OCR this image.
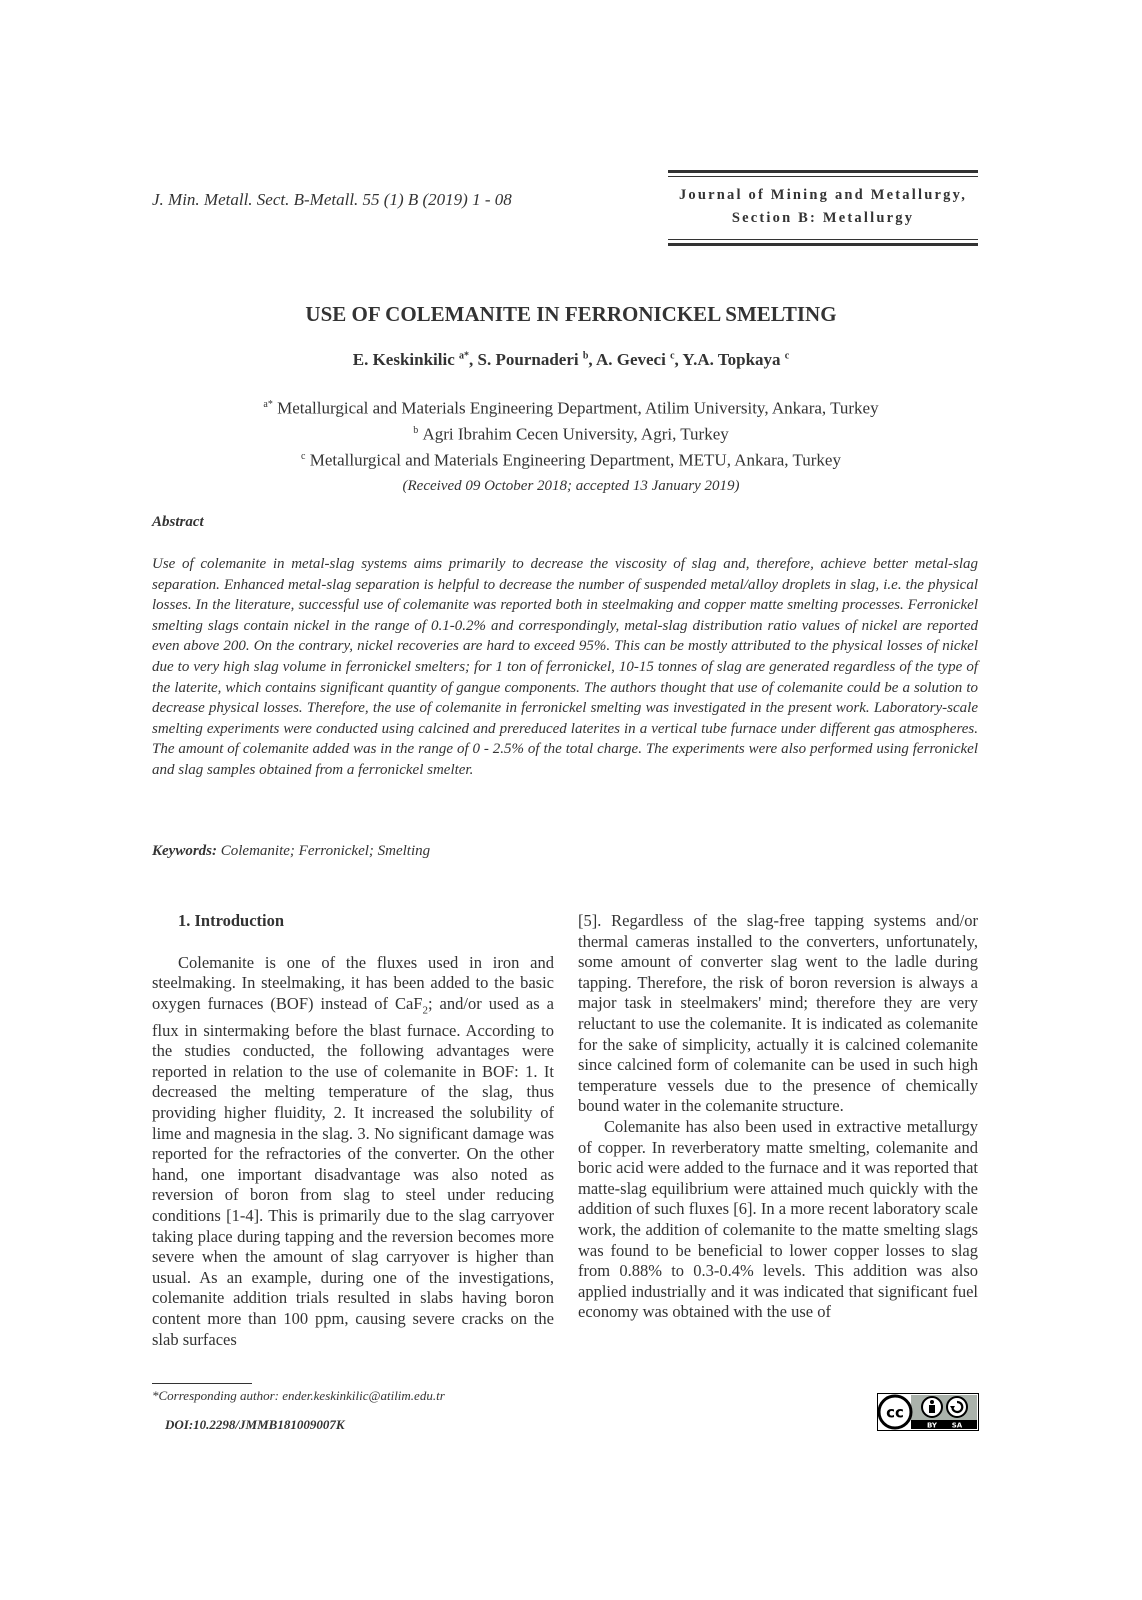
J. Min. Metall. Sect. B-Metall. 55 (1) B (2019) 1 - 08	Journal of Mining and Metallurgy,
Section B: Metallurgy
USE OF COLEMANITE IN FERRONICKEL SMELTING
E. Keskinkilic $^{a*}$, S. Pournaderi $^b$, A. Geveci $^c$, Y.A. Topkaya $^c$
$^{a*}$ Metallurgical and Materials Engineering Department, Atilim University, Ankara, Turkey
$^b$ Agri Ibrahim Cecen University, Agri, Turkey
$^c$ Metallurgical and Materials Engineering Department, METU, Ankara, Turkey
(Received 09 October 2018; accepted 13 January 2019)
Abstract
Use of colemanite in metal-slag systems aims primarily to decrease the viscosity of slag and, therefore, achieve better metal-slag separation. Enhanced metal-slag separation is helpful to decrease the number of suspended metal/alloy droplets in slag, i.e. the physical losses. In the literature, successful use of colemanite was reported both in steelmaking and copper matte smelting processes. Ferronickel smelting slags contain nickel in the range of 0.1-0.2% and correspondingly, metal-slag distribution ratio values of nickel are reported even above 200. On the contrary, nickel recoveries are hard to exceed 95%. This can be mostly attributed to the physical losses of nickel due to very high slag volume in ferronickel smelters; for 1 ton of ferronickel, 10-15 tonnes of slag are generated regardless of the type of the laterite, which contains significant quantity of gangue components. The authors thought that use of colemanite could be a solution to decrease physical losses. Therefore, the use of colemanite in ferronickel smelting was investigated in the present work. Laboratory-scale smelting experiments were conducted using calcined and prereduced laterites in a vertical tube furnace under different gas atmospheres. The amount of colemanite added was in the range of 0 - 2.5% of the total charge. The experiments were also performed using ferronickel and slag samples obtained from a ferronickel smelter.
Keywords: Colemanite; Ferronickel; Smelting
1. Introduction

Colemanite is one of the fluxes used in iron and steelmaking. In steelmaking, it has been added to the basic oxygen furnaces (BOF) instead of CaF$_2$; and/or used as a flux in sintermaking before the blast furnace. According to the studies conducted, the following advantages were reported in relation to the use of colemanite in BOF: 1. It decreased the melting temperature of the slag, thus providing higher fluidity, 2. It increased the solubility of lime and magnesia in the slag. 3. No significant damage was reported for the refractories of the converter. On the other hand, one important disadvantage was also noted as reversion of boron from slag to steel under reducing conditions [1-4]. This is primarily due to the slag carryover taking place during tapping and the reversion becomes more severe when the amount of slag carryover is higher than usual. As an example, during one of the investigations, colemanite addition trials resulted in slabs having boron content more than 100 ppm, causing severe cracks on the slab surfaces

[5]. Regardless of the slag-free tapping systems and/or thermal cameras installed to the converters, unfortunately, some amount of converter slag went to the ladle during tapping. Therefore, the risk of boron reversion is always a major task in steelmakers' mind; therefore they are very reluctant to use the colemanite. It is indicated as colemanite for the sake of simplicity, actually it is calcined colemanite since calcined form of colemanite can be used in such high temperature vessels due to the presence of chemically bound water in the colemanite structure.

Colemanite has also been used in extractive metallurgy of copper. In reverberatory matte smelting, colemanite and boric acid were added to the furnace and it was reported that matte-slag equilibrium were attained much quickly with the addition of such fluxes [6]. In a more recent laboratory scale work, the addition of colemanite to the matte smelting slags was found to be beneficial to lower copper losses to slag from 0.88% to 0.3-0.4% levels. This addition was also applied industrially and it was indicated that significant fuel economy was obtained with the use of

*Corresponding author: ender.keskinkilic@atilim.edu.tr
DOI:10.2298/JMMB181009007K
cc
BY SA
